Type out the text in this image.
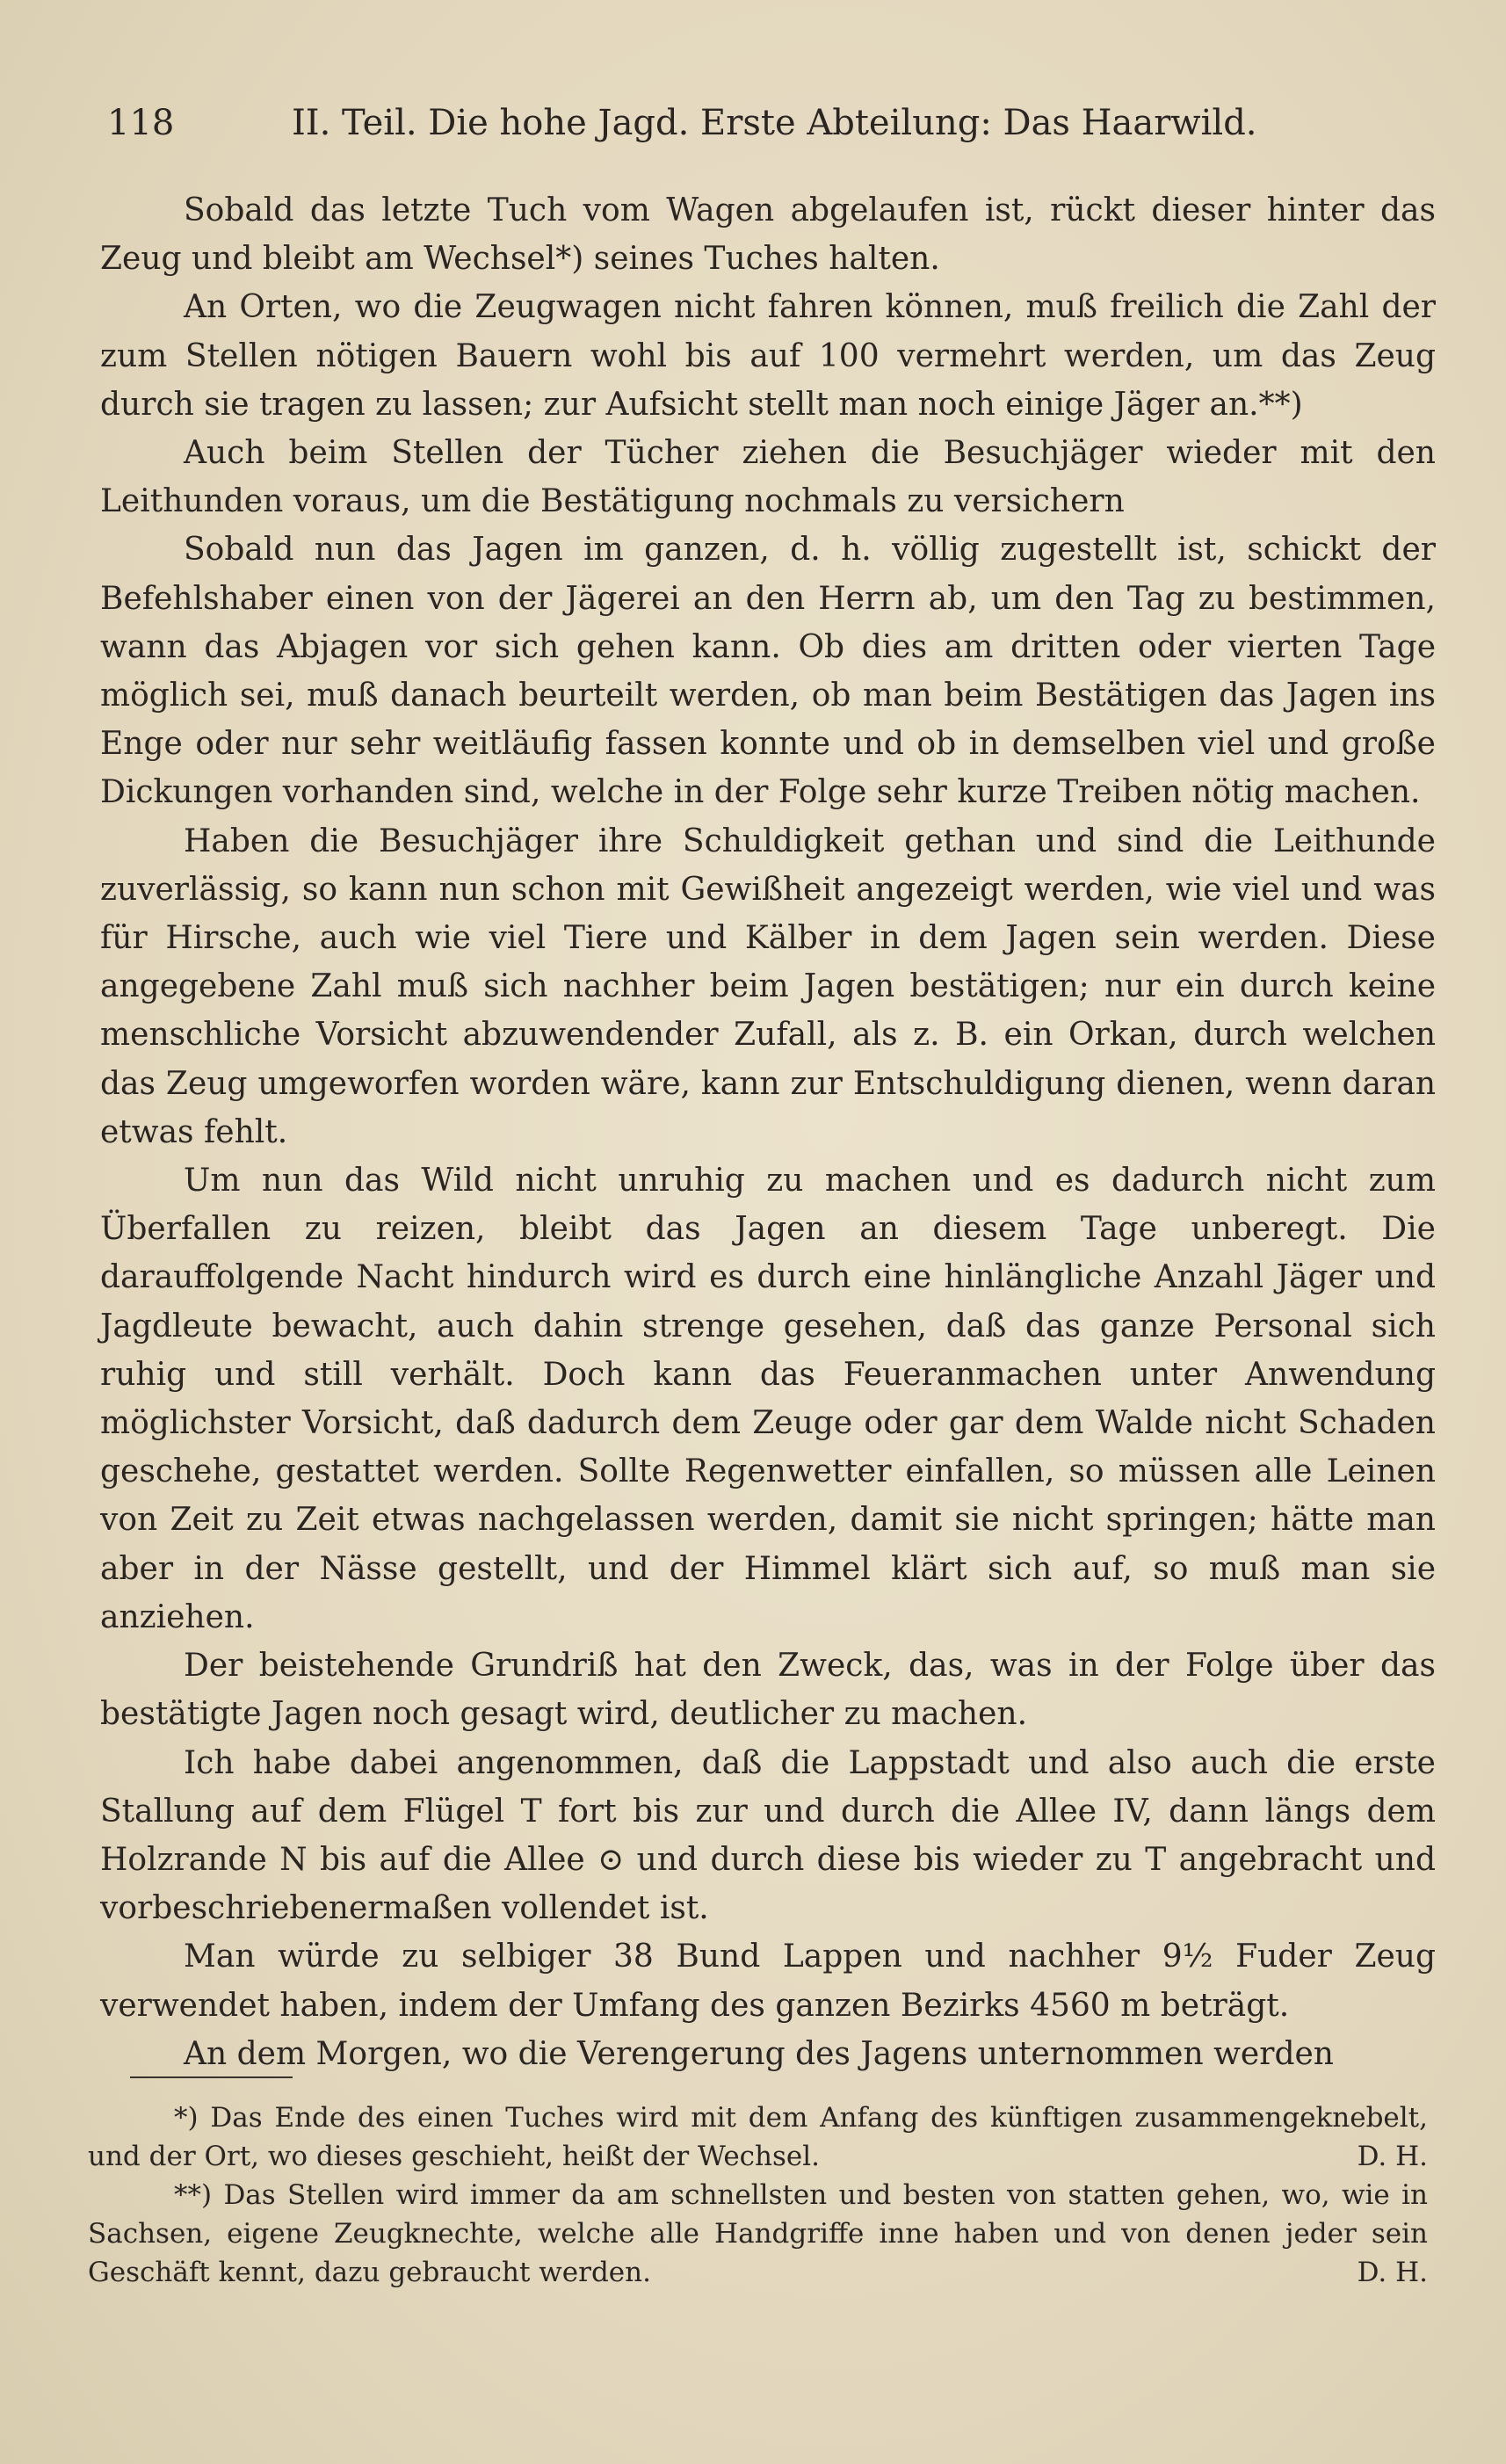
118	II. Teil. Die hohe Jagd. Erste Abteilung: Das Haarwild.

Sobald das letzte Tuch vom Wagen abgelaufen ist, rückt dieser hinter das Zeug und bleibt am Wechsel*) seines Tuches halten.

An Orten, wo die Zeugwagen nicht fahren können, muß freilich die Zahl der zum Stellen nötigen Bauern wohl bis auf 100 vermehrt werden, um das Zeug durch sie tragen zu lassen; zur Aufsicht stellt man noch einige Jäger an.**)

Auch beim Stellen der Tücher ziehen die Besuchjäger wieder mit den Leithunden voraus, um die Bestätigung nochmals zu versichern

Sobald nun das Jagen im ganzen, d. h. völlig zugestellt ist, schickt der Befehlshaber einen von der Jägerei an den Herrn ab, um den Tag zu bestimmen, wann das Abjagen vor sich gehen kann. Ob dies am dritten oder vierten Tage möglich sei, muß danach beurteilt werden, ob man beim Bestätigen das Jagen ins Enge oder nur sehr weitläufig fassen konnte und ob in demselben viel und große Dickungen vorhanden sind, welche in der Folge sehr kurze Treiben nötig machen.

Haben die Besuchjäger ihre Schuldigkeit gethan und sind die Leithunde zuverlässig, so kann nun schon mit Gewißheit angezeigt werden, wie viel und was für Hirsche, auch wie viel Tiere und Kälber in dem Jagen sein werden. Diese angegebene Zahl muß sich nachher beim Jagen bestätigen; nur ein durch keine menschliche Vorsicht abzuwendender Zufall, als z. B. ein Orkan, durch welchen das Zeug umgeworfen worden wäre, kann zur Entschuldigung dienen, wenn daran etwas fehlt.

Um nun das Wild nicht unruhig zu machen und es dadurch nicht zum Überfallen zu reizen, bleibt das Jagen an diesem Tage unberegt. Die darauffolgende Nacht hindurch wird es durch eine hinlängliche Anzahl Jäger und Jagdleute bewacht, auch dahin strenge gesehen, daß das ganze Personal sich ruhig und still verhält. Doch kann das Feueranmachen unter Anwendung möglichster Vorsicht, daß dadurch dem Zeuge oder gar dem Walde nicht Schaden geschehe, gestattet werden. Sollte Regenwetter einfallen, so müssen alle Leinen von Zeit zu Zeit etwas nachgelassen werden, damit sie nicht springen; hätte man aber in der Nässe gestellt, und der Himmel klärt sich auf, so muß man sie anziehen.

Der beistehende Grundriß hat den Zweck, das, was in der Folge über das bestätigte Jagen noch gesagt wird, deutlicher zu machen.

Ich habe dabei angenommen, daß die Lappstadt und also auch die erste Stallung auf dem Flügel T fort bis zur und durch die Allee IV, dann längs dem Holzrande N bis auf die Allee ⊙ und durch diese bis wieder zu T angebracht und vorbeschriebenermaßen vollendet ist.

Man würde zu selbiger 38 Bund Lappen und nachher 9½ Fuder Zeug verwendet haben, indem der Umfang des ganzen Bezirks 4560 m beträgt.

An dem Morgen, wo die Verengerung des Jagens unternommen werden

*) Das Ende des einen Tuches wird mit dem Anfang des künftigen zusammengeknebelt, und der Ort, wo dieses geschieht, heißt der Wechsel.	D. H.

**) Das Stellen wird immer da am schnellsten und besten von statten gehen, wo, wie in Sachsen, eigene Zeugknechte, welche alle Handgriffe inne haben und von denen jeder sein Geschäft kennt, dazu gebraucht werden.	D. H.
